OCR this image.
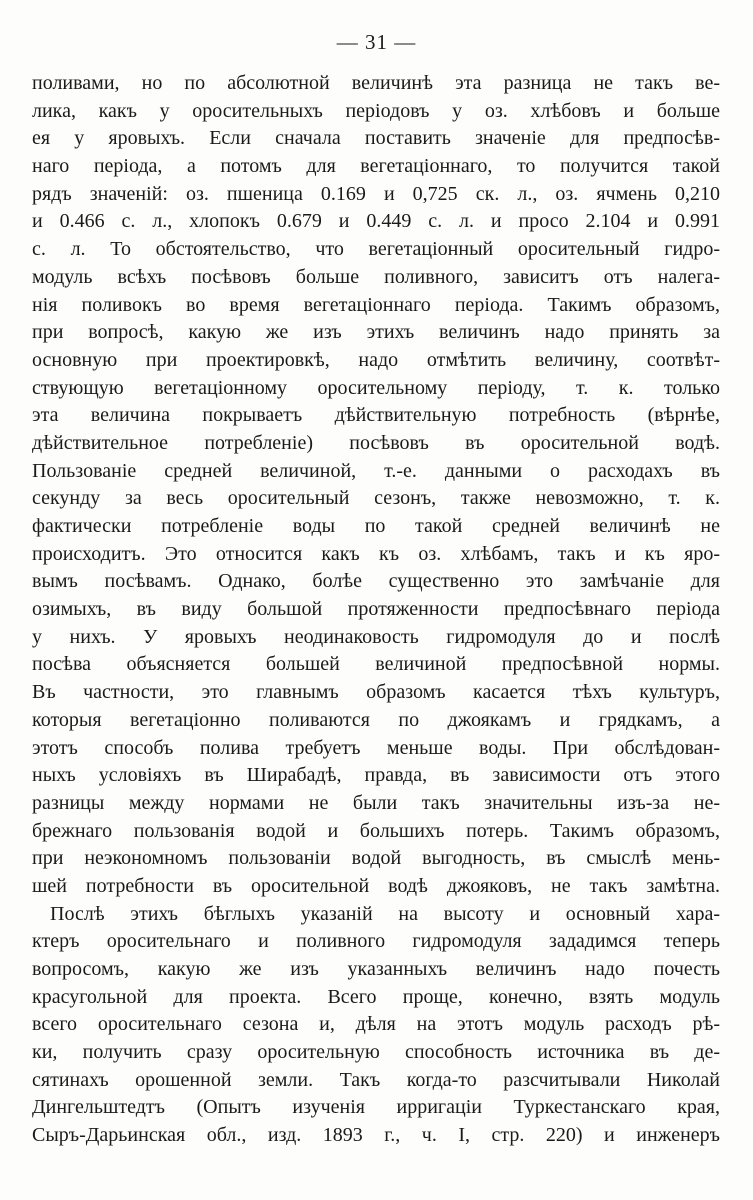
— 31 —
поливами, но по абсолютной величинѣ эта разница не такъ ве-
лика, какъ у оросительныхъ періодовъ у оз. хлѣбовъ и больше
ея у яровыхъ. Если сначала поставить значеніе для предпосѣв-
наго періода, а потомъ для вегетаціоннаго, то получится такой
рядъ значеній: оз. пшеница 0.169 и 0,725 ск. л., оз. ячмень 0,210
и 0.466 с. л., хлопокъ 0.679 и 0.449 с. л. и просо 2.104 и 0.991
с. л. То обстоятельство, что вегетаціонный оросительный гидро-
модуль всѣхъ посѣвовъ больше поливного, зависитъ отъ налега-
нія поливокъ во время вегетаціоннаго періода. Такимъ образомъ,
при вопросѣ, какую же изъ этихъ величинъ надо принять за
основную при проектировкѣ, надо отмѣтить величину, соотвѣт-
ствующую вегетаціонному оросительному періоду, т. к. только
эта величина покрываетъ дѣйствительную потребность (вѣрнѣе,
дѣйствительное потребленіе) посѣвовъ въ оросительной водѣ.
Пользованіе средней величиной, т.-е. данными о расходахъ въ
секунду за весь оросительный сезонъ, также невозможно, т. к.
фактически потребленіе воды по такой средней величинѣ не
происходитъ. Это относится какъ къ оз. хлѣбамъ, такъ и къ яро-
вымъ посѣвамъ. Однако, болѣе существенно это замѣчаніе для
озимыхъ, въ виду большой протяженности предпосѣвнаго періода
у нихъ. У яровыхъ неодинаковость гидромодуля до и послѣ
посѣва объясняется большей величиной предпосѣвной нормы.
Въ частности, это главнымъ образомъ касается тѣхъ культуръ,
которыя вегетаціонно поливаются по джоякамъ и грядкамъ, а
этотъ способъ полива требуетъ меньше воды. При обслѣдован-
ныхъ условіяхъ въ Ширабадѣ, правда, въ зависимости отъ этого
разницы между нормами не были такъ значительны изъ-за не-
брежнаго пользованія водой и большихъ потерь. Такимъ образомъ,
при неэкономномъ пользованіи водой выгодность, въ смыслѣ мень-
шей потребности въ оросительной водѣ джояковъ, не такъ замѣтна.
Послѣ этихъ бѣглыхъ указаній на высоту и основный хара-
ктеръ оросительнаго и поливного гидромодуля зададимся теперь
вопросомъ, какую же изъ указанныхъ величинъ надо почесть
красугольной для проекта. Всего проще, конечно, взять модуль
всего оросительнаго сезона и, дѣля на этотъ модуль расходъ рѣ-
ки, получить сразу оросительную способность источника въ де-
сятинахъ орошенной земли. Такъ когда-то разсчитывали Николай
Дингельштедтъ (Опытъ изученія ирригаціи Туркестанскаго края,
Сыръ-Дарьинская обл., изд. 1893 г., ч. I, стр. 220) и инженеръ
